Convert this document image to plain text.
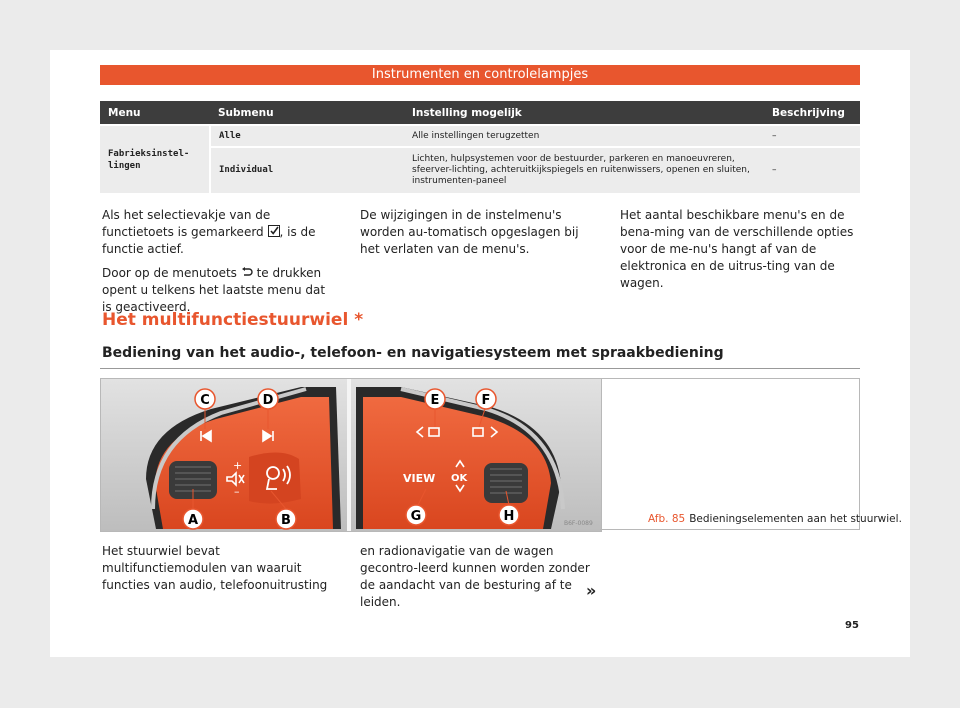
Instrumenten en controlelampjes
Menu	Submenu	Instelling mogelijk	Beschrijving
Fabrieksinstel-
lingen	Alle	Alle instellingen terugzetten	–
	Individual	Lichten, hulpsystemen voor de bestuurder, parkeren en manoeuvreren, sfeerver-lichting, achteruitkijkspiegels en ruitenwissers, openen en sluiten, instrumenten-paneel	–

Als het selectievakje van de functietoets is gemarkeerd , is de functie actief.

Door op de menutoets te drukken opent u telkens het laatste menu dat is geactiveerd.

De wijzigingen in de instelmenu's worden au-tomatisch opgeslagen bij het verlaten van de menu's.

Het aantal beschikbare menu's en de bena-ming van de verschillende opties voor de me-nu's hangt af van de elektronica en de uitrus-ting van de wagen.

Het multifunctiestuurwiel *
Bediening van het audio-, telefoon- en navigatiesysteem met spraakbediening
+
–
VIEW OK
C	D
A	B
E	F
G	H	B6F-0089	Afb. 85 Bedieningselementen aan het stuurwiel.

Het stuurwiel bevat multifunctiemodulen van waaruit functies van audio, telefoonuitrusting

en radionavigatie van de wagen gecontro-leerd kunnen worden zonder de aandacht van de besturing af te leiden.

»
95
